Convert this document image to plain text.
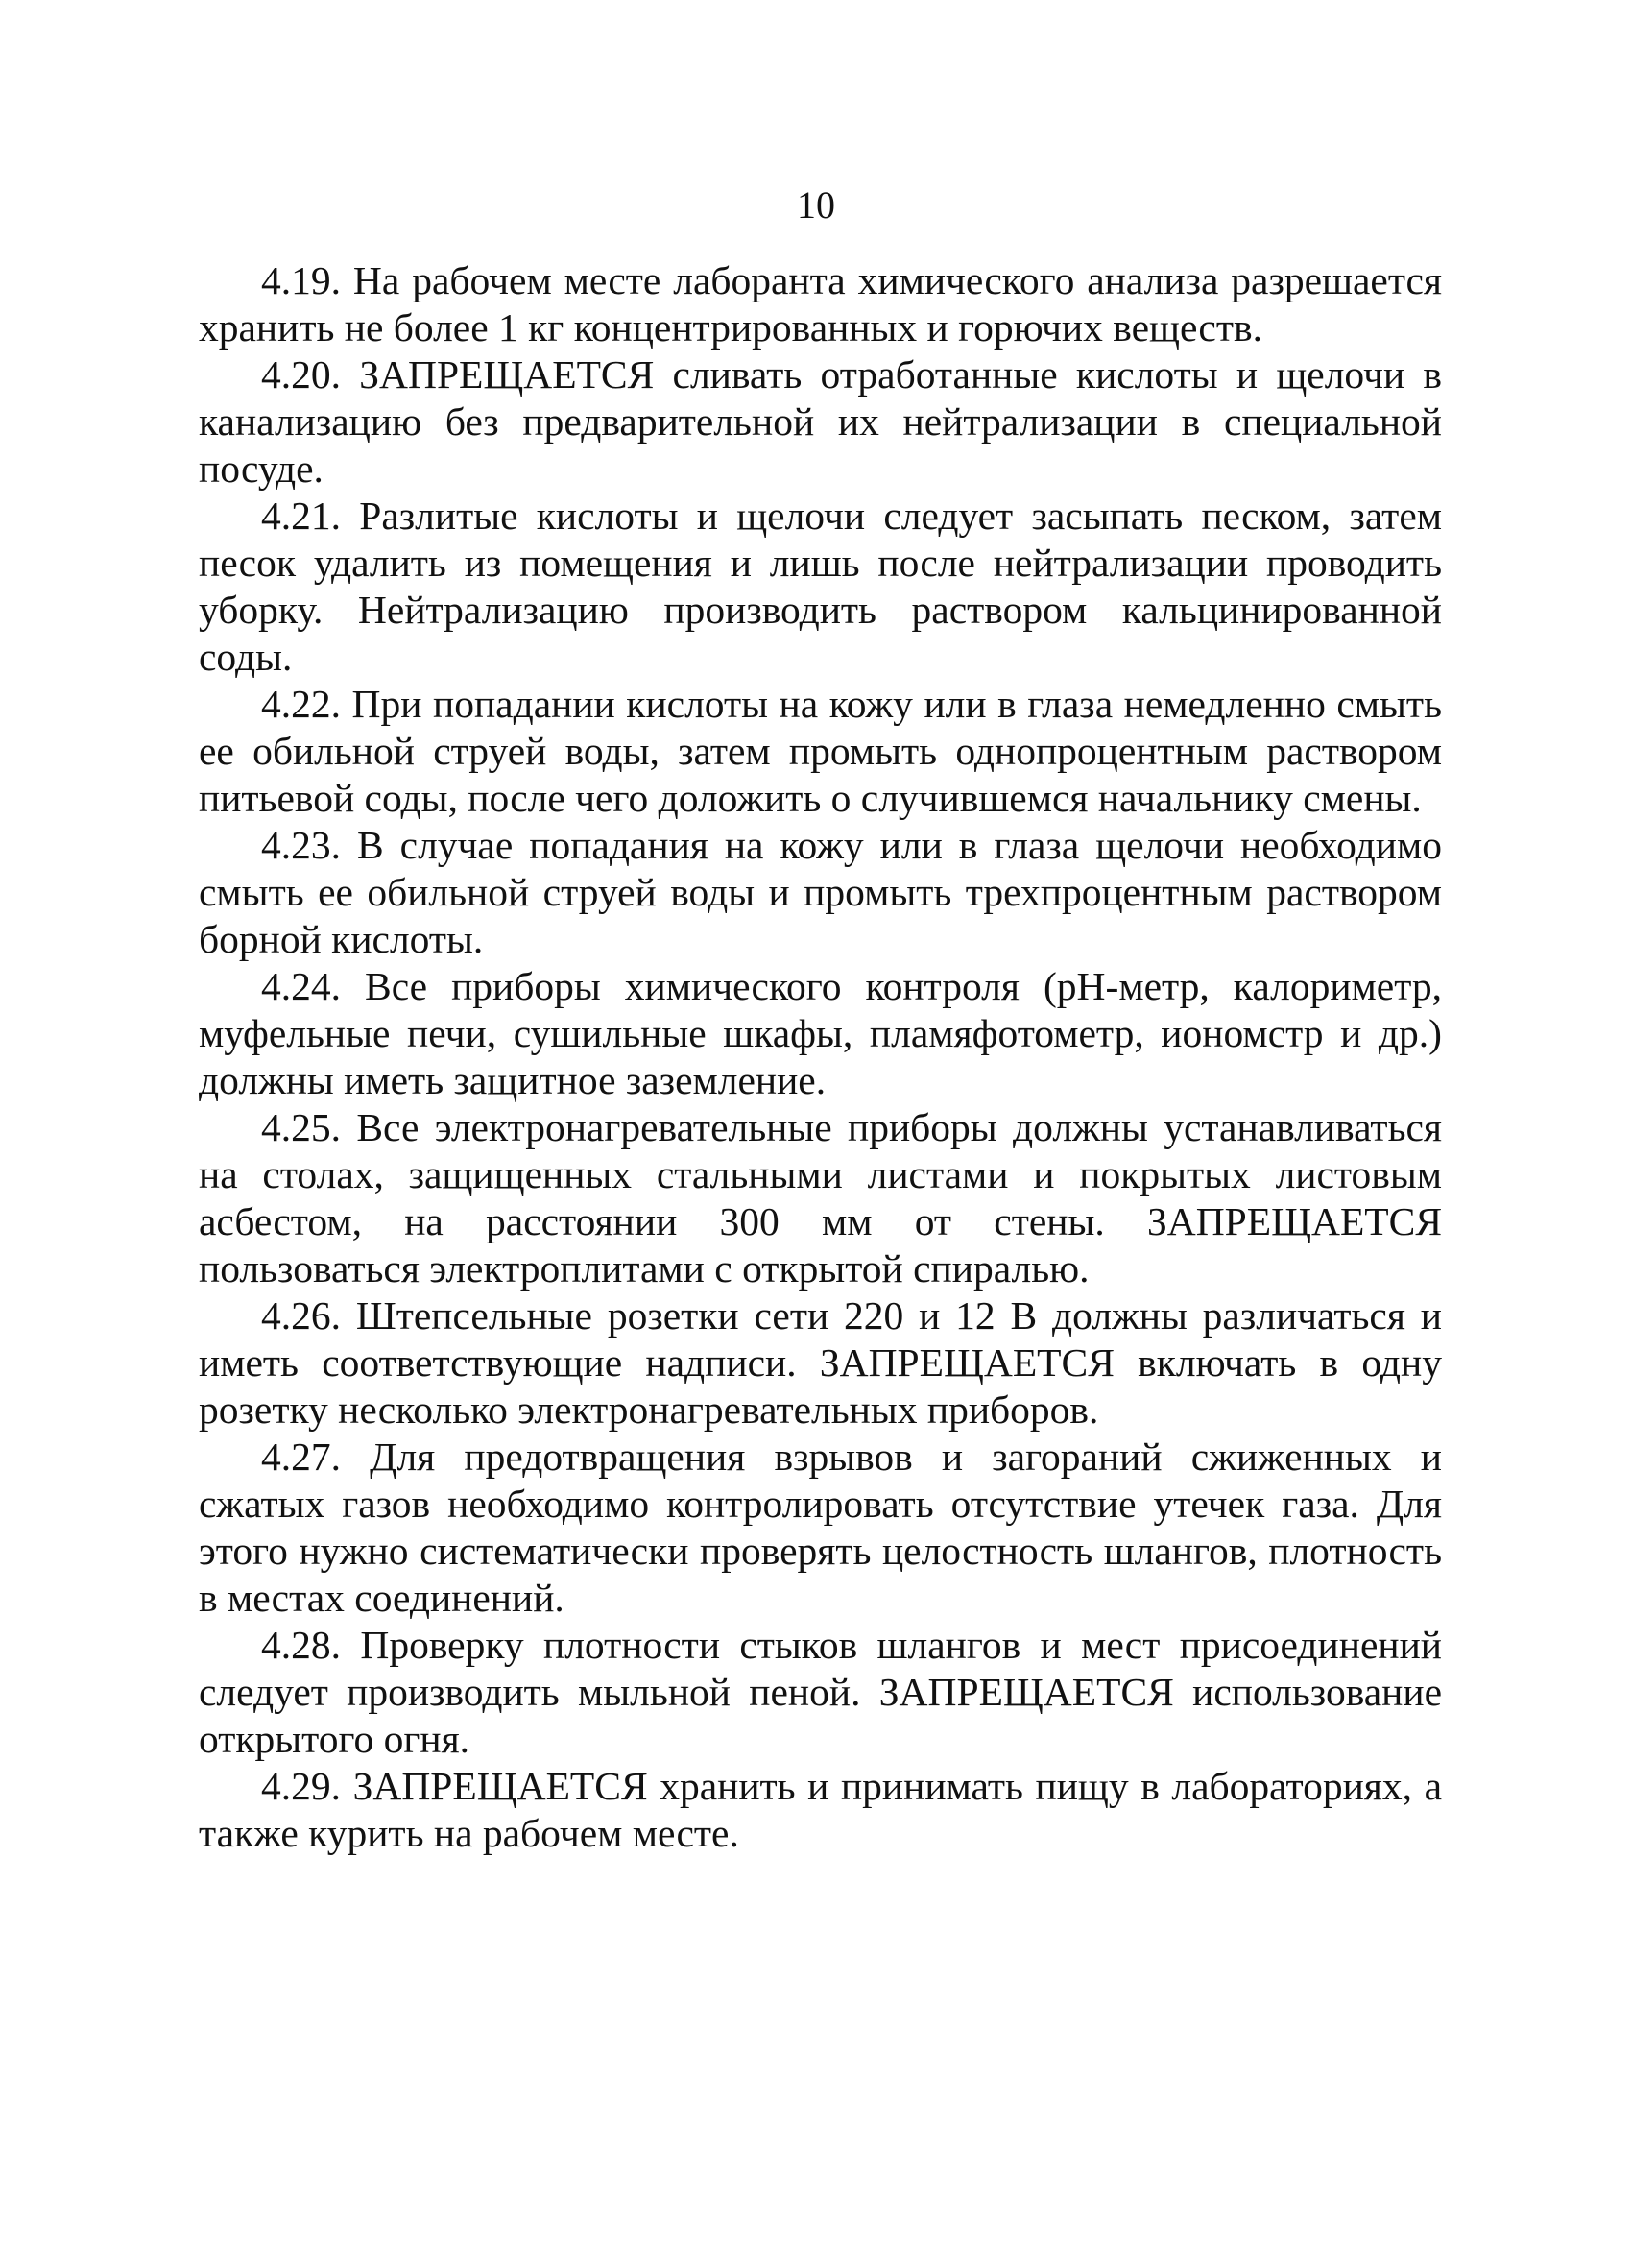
10

4.19. На рабочем месте лаборанта химического анализа разрешается хранить не более 1 кг концентрированных и горючих веществ.

4.20. ЗАПРЕЩАЕТСЯ сливать отработанные кислоты и щелочи в канализацию без предварительной их нейтрализации в специальной посуде.

4.21. Разлитые кислоты и щелочи следует засыпать песком, затем песок удалить из помещения и лишь после нейтрализации проводить уборку. Нейтрализацию производить раствором кальцинированной соды.

4.22. При попадании кислоты на кожу или в глаза немедленно смыть ее обильной струей воды, затем промыть однопроцентным раствором питьевой соды, после чего доложить о случившемся начальнику смены.

4.23. В случае попадания на кожу или в глаза щелочи необходимо смыть ее обильной струей воды и промыть трехпроцентным раствором борной кислоты.

4.24. Все приборы химического контроля (рН-метр, калориметр, муфельные печи, сушильные шкафы, пламяфотометр, иономстр и др.) должны иметь защитное заземление.

4.25. Все электронагревательные приборы должны устанавливаться на столах, защищенных стальными листами и покрытых листовым асбестом, на расстоянии 300 мм от стены. ЗАПРЕЩАЕТСЯ пользоваться электроплитами с открытой спиралью.

4.26. Штепсельные розетки сети 220 и 12 В должны различаться и иметь соответствующие надписи. ЗАПРЕЩАЕТСЯ включать в одну розетку несколько электронагревательных приборов.

4.27. Для предотвращения взрывов и загораний сжиженных и сжатых газов необходимо контролировать отсутствие утечек газа. Для этого нужно систематически проверять целостность шлангов, плотность в местах соединений.

4.28. Проверку плотности стыков шлангов и мест присоединений следует производить мыльной пеной. ЗАПРЕЩАЕТСЯ использование открытого огня.

4.29. ЗАПРЕЩАЕТСЯ хранить и принимать пищу в лабораториях, а также курить на рабочем месте.
